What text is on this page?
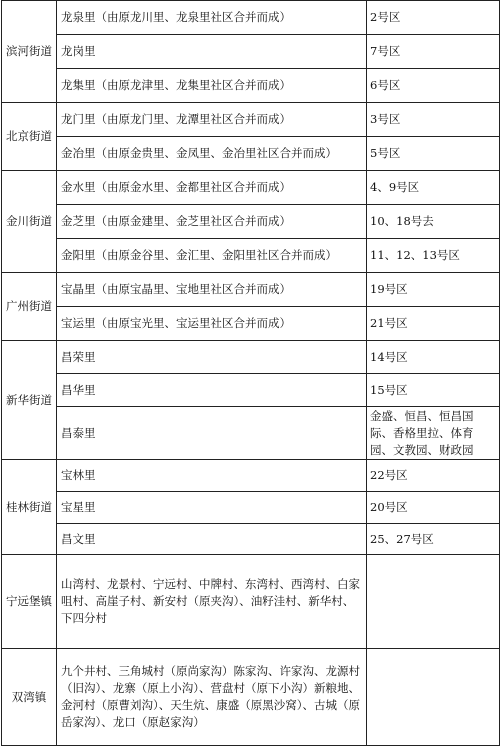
滨河街道	龙泉里（由原龙川里、龙泉里社区合并而成）	2号区
	龙岗里	7号区
	龙集里（由原龙津里、龙集里社区合并而成）	6号区
北京街道	龙门里（由原龙门里、龙潭里社区合并而成）	3号区
	金冶里（由原金贵里、金凤里、金冶里社区合并而成）	5号区
金川街道	金水里（由原金水里、金都里社区合并而成）	4、9号区
	金芝里（由原金建里、金芝里社区合并而成）	10、18号去
	金阳里（由原金谷里、金汇里、金阳里社区合并而成）	11、12、13号区
广州街道	宝晶里（由原宝晶里、宝地里社区合并而成）	19号区
	宝运里（由原宝光里、宝运里社区合并而成）	21号区
新华街道	昌荣里	14号区
	昌华里	15号区
	昌泰里	金盛、恒昌、恒昌国际、香格里拉、体育园、文教园、财政园
桂林街道	宝林里	22号区
	宝星里	20号区
	昌文里	25、27号区
宁远堡镇	山湾村、龙景村、宁远村、中牌村、东湾村、西湾村、白家咀村、高崖子村、新安村（原夹沟）、油籽洼村、新华村、下四分村	
双湾镇	九个井村、三角城村（原尚家沟）陈家沟、许家沟、龙源村（旧沟）、龙寨（原上小沟）、营盘村（原下小沟）新粮地、金河村（原曹刘沟）、天生炕、康盛（原黑沙窝）、古城（原岳家沟）、龙口（原赵家沟）	
